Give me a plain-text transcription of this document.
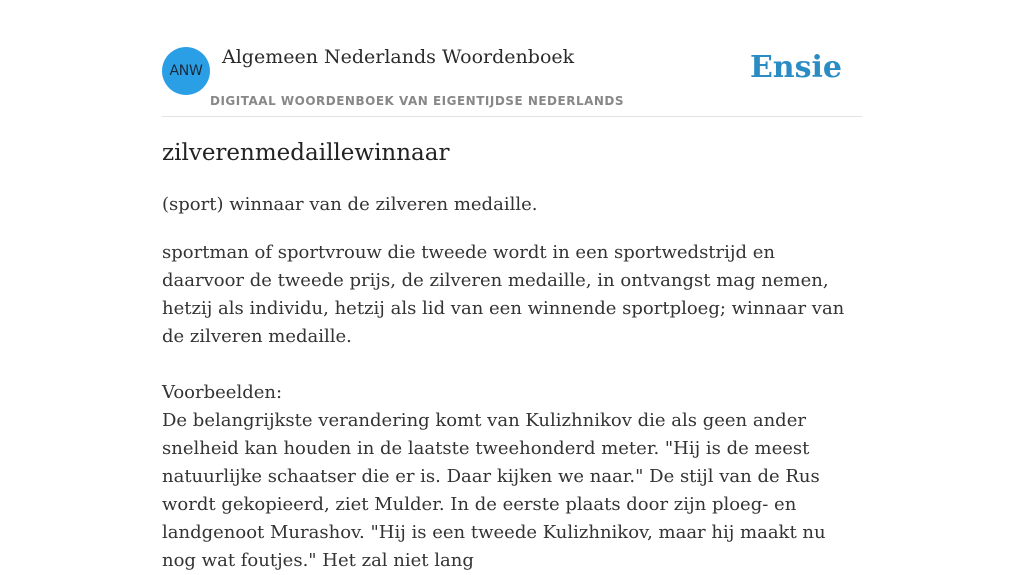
ANW
Algemeen Nederlands Woordenboek
DIGITAAL WOORDENBOEK VAN EIGENTIJDSE NEDERLANDS
Ensie
zilverenmedaillewinnaar
(sport) winnaar van de zilveren medaille.

sportman of sportvrouw die tweede wordt in een sportwedstrijd en daarvoor de tweede prijs, de zilveren medaille, in ontvangst mag nemen, hetzij als individu, hetzij als lid van een winnende sportploeg; winnaar van de zilveren medaille.

Voorbeelden:

De belangrijkste verandering komt van Kulizhnikov die als geen ander snelheid kan houden in de laatste tweehonderd meter. "Hij is de meest natuurlijke schaatser die er is. Daar kijken we naar." De stijl van de Rus wordt gekopieerd, ziet Mulder. In de eerste plaats door zijn ploeg- en landgenoot Murashov. "Hij is een tweede Kulizhnikov, maar hij maakt nu nog wat foutjes." Het zal niet lang
